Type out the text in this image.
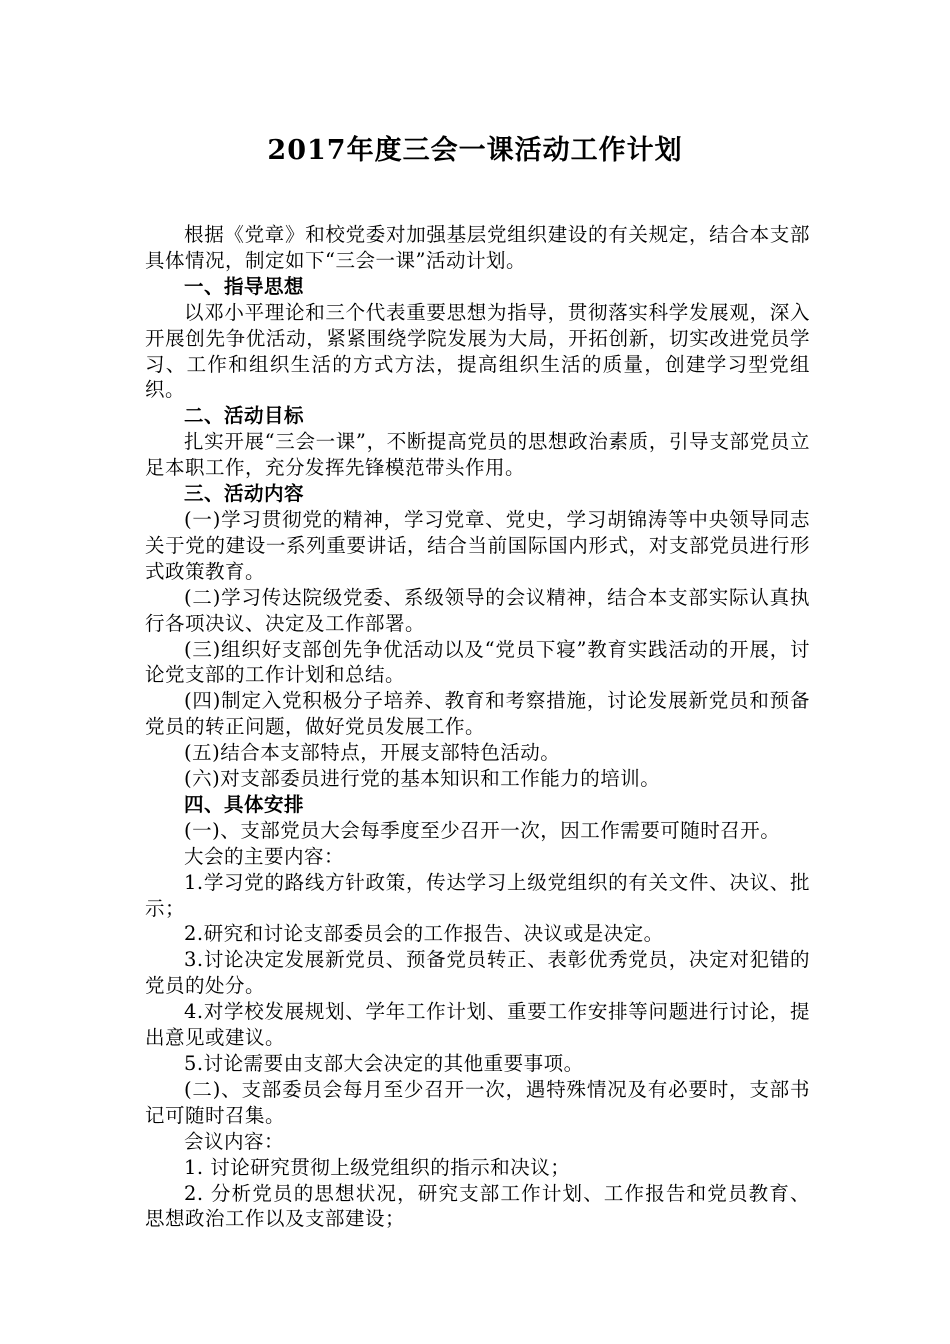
2017年度三会一课活动工作计划

根据《党章》和校党委对加强基层党组织建设的有关规定，结合本支部具体情况，制定如下“三会一课”活动计划。

一、指导思想

以邓小平理论和三个代表重要思想为指导，贯彻落实科学发展观，深入开展创先争优活动，紧紧围绕学院发展为大局，开拓创新，切实改进党员学习、工作和组织生活的方式方法，提高组织生活的质量，创建学习型党组织。

二、活动目标

扎实开展“三会一课”，不断提高党员的思想政治素质，引导支部党员立足本职工作，充分发挥先锋模范带头作用。

三、活动内容

(一)学习贯彻党的精神，学习党章、党史，学习胡锦涛等中央领导同志关于党的建设一系列重要讲话，结合当前国际国内形式，对支部党员进行形式政策教育。

(二)学习传达院级党委、系级领导的会议精神，结合本支部实际认真执行各项决议、决定及工作部署。

(三)组织好支部创先争优活动以及“党员下寝”教育实践活动的开展，讨论党支部的工作计划和总结。

(四)制定入党积极分子培养、教育和考察措施，讨论发展新党员和预备党员的转正问题，做好党员发展工作。

(五)结合本支部特点，开展支部特色活动。

(六)对支部委员进行党的基本知识和工作能力的培训。

四、具体安排

(一)、支部党员大会每季度至少召开一次，因工作需要可随时召开。

大会的主要内容：

1.学习党的路线方针政策，传达学习上级党组织的有关文件、决议、批示；

2.研究和讨论支部委员会的工作报告、决议或是决定。

3.讨论决定发展新党员、预备党员转正、表彰优秀党员，决定对犯错的党员的处分。

4.对学校发展规划、学年工作计划、重要工作安排等问题进行讨论，提出意见或建议。

5.讨论需要由支部大会决定的其他重要事项。

(二)、支部委员会每月至少召开一次，遇特殊情况及有必要时，支部书记可随时召集。

会议内容：

1. 讨论研究贯彻上级党组织的指示和决议；

2. 分析党员的思想状况，研究支部工作计划、工作报告和党员教育、思想政治工作以及支部建设；
